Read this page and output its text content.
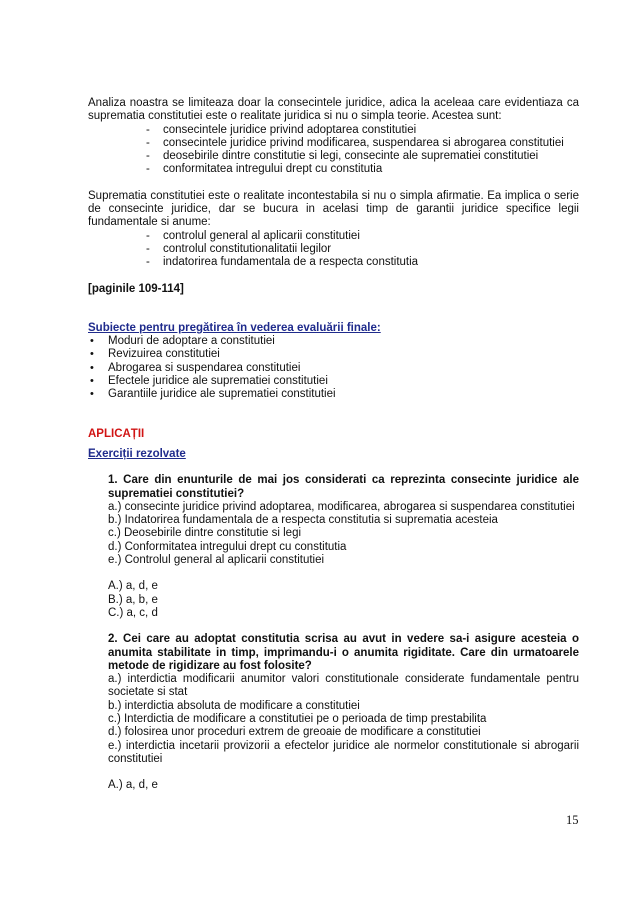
Analiza noastra se limiteaza doar la consecintele juridice, adica la aceleaa care evidentiaza ca suprematia constitutiei este o realitate juridica si nu o simpla teorie. Acestea sunt:

- consecintele juridice privind adoptarea constitutiei
- consecintele juridice privind modificarea, suspendarea si abrogarea constitutiei
- deosebirile dintre constitutie si legi, consecinte ale suprematiei constitutiei
- conformitatea intregului drept cu constitutia

Suprematia constitutiei este o realitate incontestabila si nu o simpla afirmatie. Ea implica o serie de consecinte juridice, dar se bucura in acelasi timp de garantii juridice specifice legii fundamentale si anume:

- controlul general al aplicarii constitutiei
- controlul constitutionalitatii legilor
- indatorirea fundamentala de a respecta constitutia

[paginile 109-114]

Subiecte pentru pregătirea în vederea evaluării finale:

• Moduri de adoptare a constitutiei
• Revizuirea constitutiei
• Abrogarea si suspendarea constitutiei
• Efectele juridice ale suprematiei constitutiei
• Garantiile juridice ale suprematiei constitutiei

APLICAȚII

Exerciții rezolvate

1. Care din enunturile de mai jos considerati ca reprezinta consecinte juridice ale suprematiei constitutiei?

a.) consecinte juridice privind adoptarea, modificarea, abrogarea si suspendarea constitutiei

b.) Indatorirea fundamentala de a respecta constitutia si suprematia acesteia

c.) Deosebirile dintre constitutie si legi

d.) Conformitatea intregului drept cu constitutia

e.) Controlul general al aplicarii constitutiei

A.) a, d, e

B.) a, b, e

C.) a, c, d

2. Cei care au adoptat constitutia scrisa au avut in vedere sa-i asigure acesteia o anumita stabilitate in timp, imprimandu-i o anumita rigiditate. Care din urmatoarele metode de rigidizare au fost folosite?

a.) interdictia modificarii anumitor valori constitutionale considerate fundamentale pentru societate si stat

b.) interdictia absoluta de modificare a constitutiei

c.) Interdictia de modificare a constitutiei pe o perioada de timp prestabilita

d.) folosirea unor proceduri extrem de greoaie de modificare a constitutiei

e.) interdictia incetarii provizorii a efectelor juridice ale normelor constitutionale si abrogarii constitutiei

A.) a, d, e

15
